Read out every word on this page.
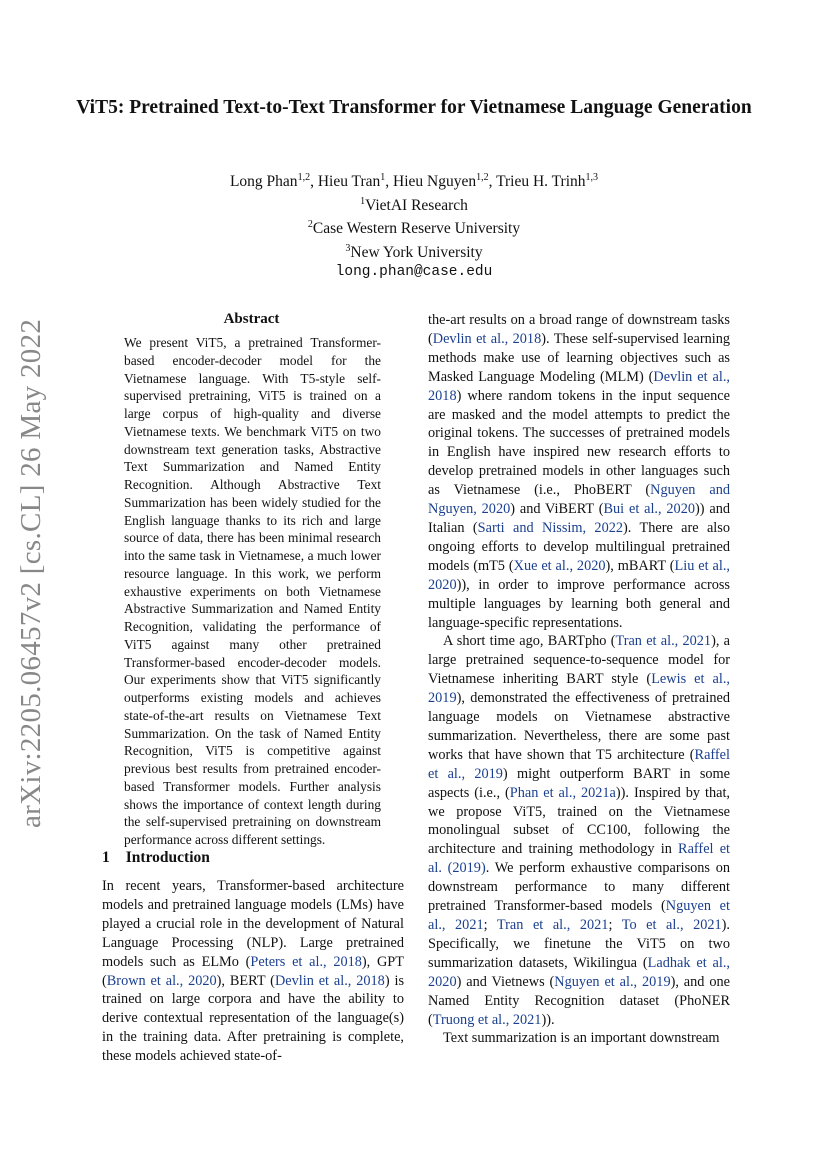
ViT5: Pretrained Text-to-Text Transformer for Vietnamese Language Generation
Long Phan$^{1,2}$, Hieu Tran$^1$, Hieu Nguyen$^{1,2}$, Trieu H. Trinh$^{1,3}$
$^1$VietAI Research
$^2$Case Western Reserve University
$^3$New York University
long.phan@case.edu
arXiv:2205.06457v2 [cs.CL] 26 May 2022	Abstract
We present ViT5, a pretrained Transformer-based encoder-decoder model for the Vietnamese language. With T5-style self-supervised pretraining, ViT5 is trained on a large corpus of high-quality and diverse Vietnamese texts. We benchmark ViT5 on two downstream text generation tasks, Abstractive Text Summarization and Named Entity Recognition. Although Abstractive Text Summarization has been widely studied for the English language thanks to its rich and large source of data, there has been minimal research into the same task in Vietnamese, a much lower resource language. In this work, we perform exhaustive experiments on both Vietnamese Abstractive Summarization and Named Entity Recognition, validating the performance of ViT5 against many other pretrained Transformer-based encoder-decoder models. Our experiments show that ViT5 significantly outperforms existing models and achieves state-of-the-art results on Vietnamese Text Summarization. On the task of Named Entity Recognition, ViT5 is competitive against previous best results from pretrained encoder-based Transformer models. Further analysis shows the importance of context length during the self-supervised pretraining on downstream performance across different settings.
1 Introduction

In recent years, Transformer-based architecture models and pretrained language models (LMs) have played a crucial role in the development of Natural Language Processing (NLP). Large pretrained models such as ELMo (Peters et al., 2018), GPT (Brown et al., 2020), BERT (Devlin et al., 2018) is trained on large corpora and have the ability to derive contextual representation of the language(s) in the training data. After pretraining is complete, these models achieved state-of-

the-art results on a broad range of downstream tasks (Devlin et al., 2018). These self-supervised learning methods make use of learning objectives such as Masked Language Modeling (MLM) (Devlin et al., 2018) where random tokens in the input sequence are masked and the model attempts to predict the original tokens. The successes of pretrained models in English have inspired new research efforts to develop pretrained models in other languages such as Vietnamese (i.e., PhoBERT (Nguyen and Nguyen, 2020) and ViBERT (Bui et al., 2020)) and Italian (Sarti and Nissim, 2022). There are also ongoing efforts to develop multilingual pretrained models (mT5 (Xue et al., 2020), mBART (Liu et al., 2020)), in order to improve performance across multiple languages by learning both general and language-specific representations.

A short time ago, BARTpho (Tran et al., 2021), a large pretrained sequence-to-sequence model for Vietnamese inheriting BART style (Lewis et al., 2019), demonstrated the effectiveness of pretrained language models on Vietnamese abstractive summarization. Nevertheless, there are some past works that have shown that T5 architecture (Raffel et al., 2019) might outperform BART in some aspects (i.e., (Phan et al., 2021a)). Inspired by that, we propose ViT5, trained on the Vietnamese monolingual subset of CC100, following the architecture and training methodology in Raffel et al. (2019). We perform exhaustive comparisons on downstream performance to many different pretrained Transformer-based models (Nguyen et al., 2021; Tran et al., 2021; To et al., 2021). Specifically, we finetune the ViT5 on two summarization datasets, Wikilingua (Ladhak et al., 2020) and Vietnews (Nguyen et al., 2019), and one Named Entity Recognition dataset (PhoNER (Truong et al., 2021)).

Text summarization is an important downstream
